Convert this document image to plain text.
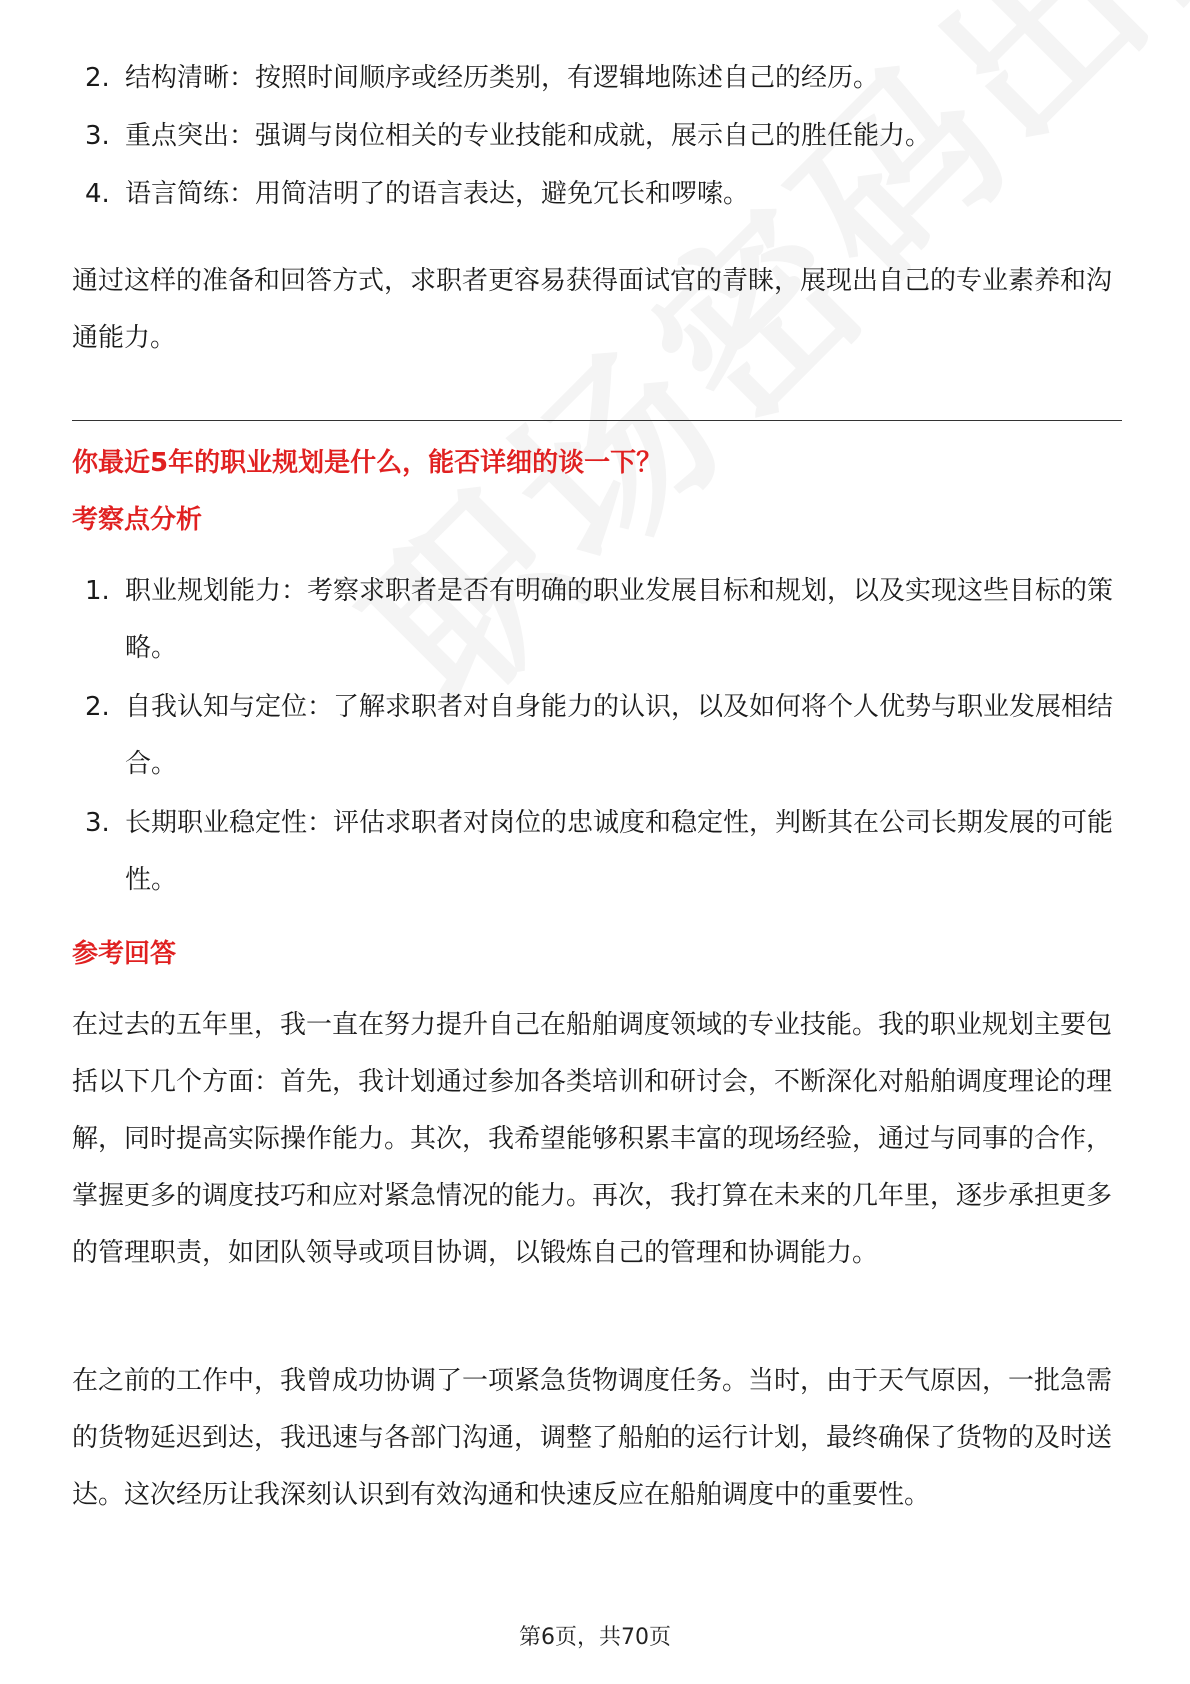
2. 结构清晰：按照时间顺序或经历类别，有逻辑地陈述自己的经历。
3. 重点突出：强调与岗位相关的专业技能和成就，展示自己的胜任能力。
4. 语言简练：用简洁明了的语言表达，避免冗长和啰嗦。

通过这样的准备和回答方式，求职者更容易获得面试官的青睐，展现出自己的专业素养和沟通能力。

你最近5年的职业规划是什么，能否详细的谈一下？
考察点分析
1. 职业规划能力：考察求职者是否有明确的职业发展目标和规划，以及实现这些目标的策略。
2. 自我认知与定位：了解求职者对自身能力的认识，以及如何将个人优势与职业发展相结合。
3. 长期职业稳定性：评估求职者对岗位的忠诚度和稳定性，判断其在公司长期发展的可能性。
参考回答

在过去的五年里，我一直在努力提升自己在船舶调度领域的专业技能。我的职业规划主要包括以下几个方面：首先，我计划通过参加各类培训和研讨会，不断深化对船舶调度理论的理解，同时提高实际操作能力。其次，我希望能够积累丰富的现场经验，通过与同事的合作，掌握更多的调度技巧和应对紧急情况的能力。再次，我打算在未来的几年里，逐步承担更多的管理职责，如团队领导或项目协调，以锻炼自己的管理和协调能力。

在之前的工作中，我曾成功协调了一项紧急货物调度任务。当时，由于天气原因，一批急需的货物延迟到达，我迅速与各部门沟通，调整了船舶的运行计划，最终确保了货物的及时送达。这次经历让我深刻认识到有效沟通和快速反应在船舶调度中的重要性。

第6页，共70页
